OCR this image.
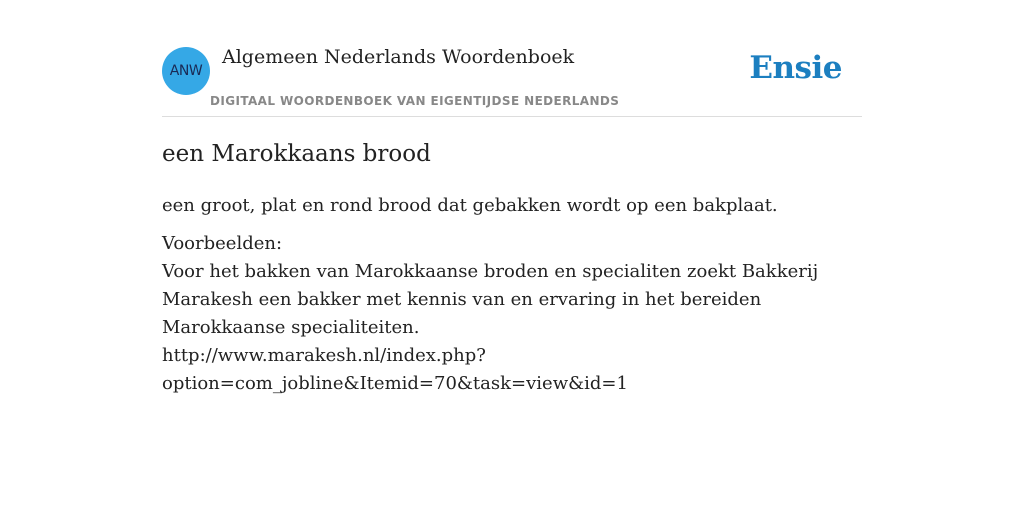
ANW
Algemeen Nederlands Woordenboek
DIGITAAL WOORDENBOEK VAN EIGENTIJDSE NEDERLANDS
Ensie
een Marokkaans brood

een groot, plat en rond brood dat gebakken wordt op een bakplaat.

Voorbeelden:

Voor het bakken van Marokkaanse broden en specialiten zoekt Bakkerij Marakesh een bakker met kennis van en ervaring in het bereiden Marokkaanse specialiteiten.

http://www.marakesh.nl/index.php?

option=com_jobline&Itemid=70&task=view&id=1
